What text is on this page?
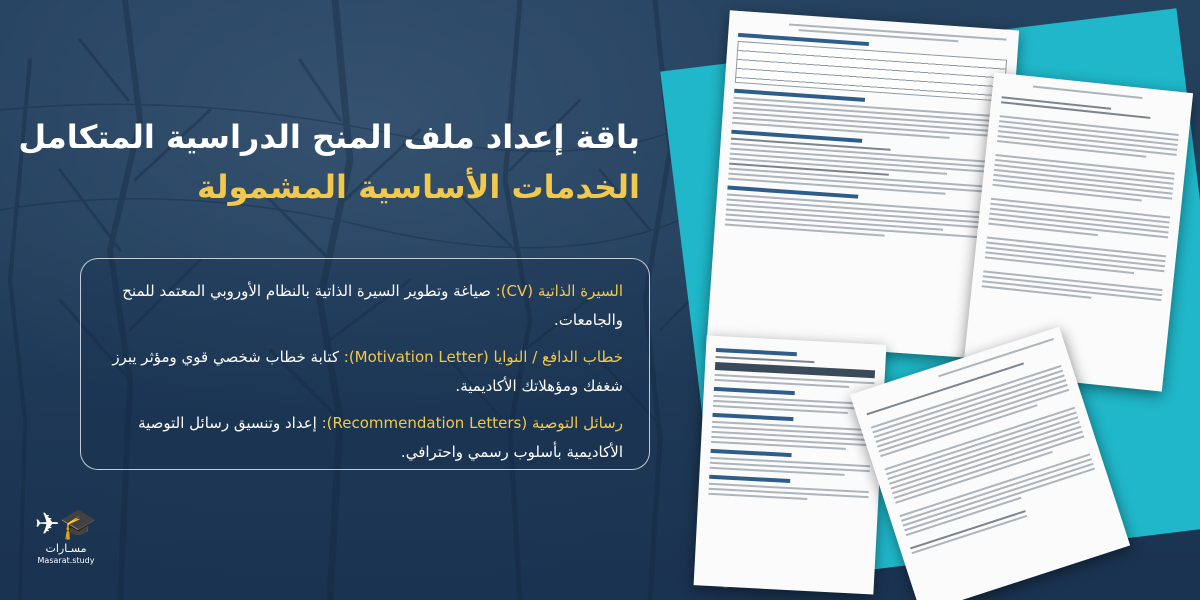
باقة إعداد ملف المنح الدراسية المتكامل
الخدمات الأساسية المشمولة
السيرة الذاتية (CV): صياغة وتطوير السيرة الذاتية بالنظام الأوروبي المعتمد للمنح والجامعات.
خطاب الدافع / النوايا (Motivation Letter): كتابة خطاب شخصي قوي ومؤثر يبرز شغفك ومؤهلاتك الأكاديمية.
رسائل التوصية (Recommendation Letters): إعداد وتنسيق رسائل التوصية الأكاديمية بأسلوب رسمي واحترافي.
✈🎓
مسـارات
Masarat.study
